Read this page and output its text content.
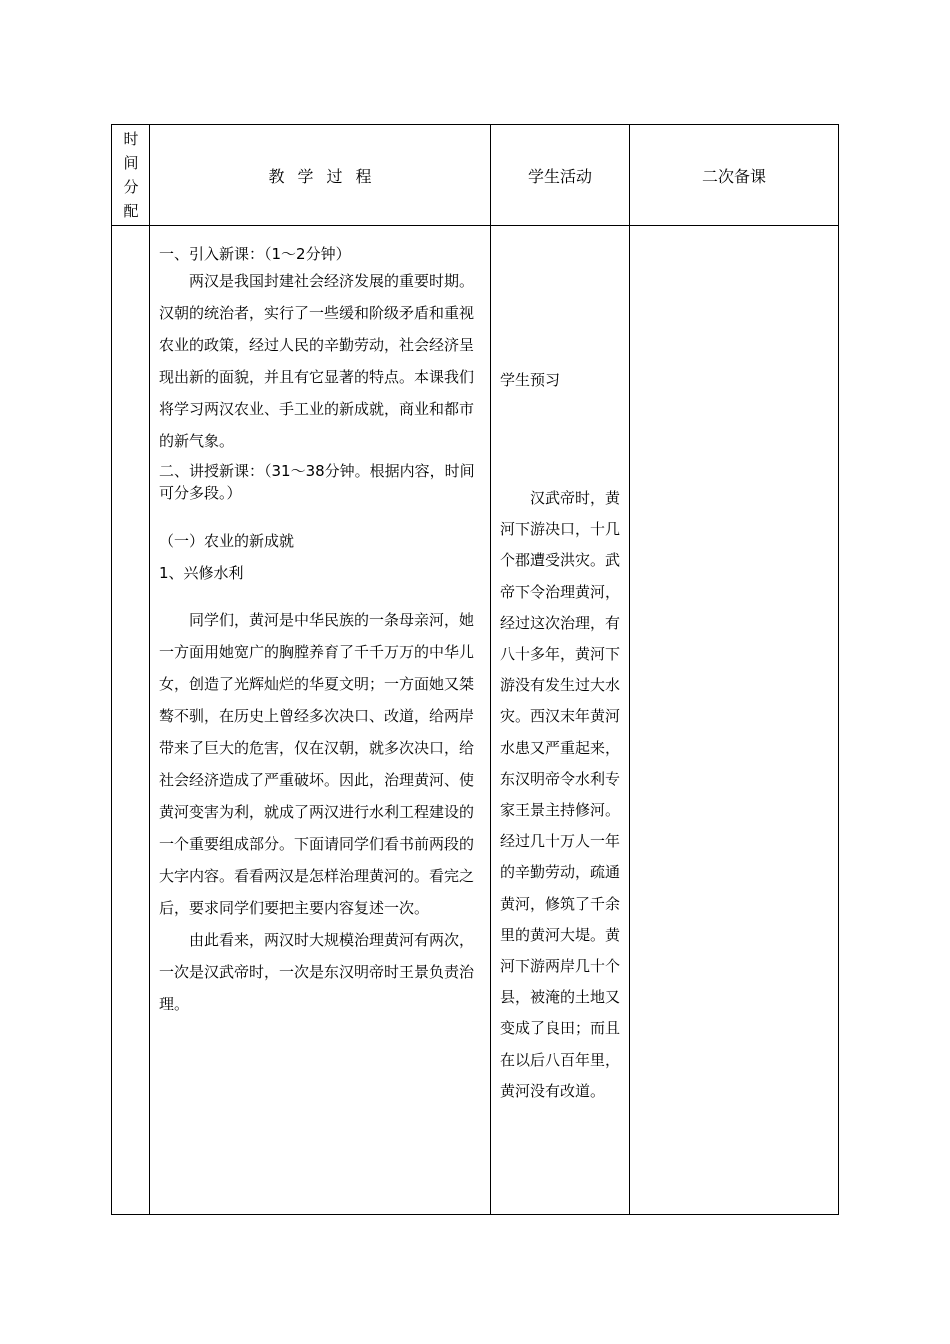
时
间
分
配
教学过程	学生活动	二次备课

一、引入新课：（1～2分钟）

两汉是我国封建社会经济发展的重要时期。汉朝的统治者，实行了一些缓和阶级矛盾和重视农业的政策，经过人民的辛勤劳动，社会经济呈现出新的面貌，并且有它显著的特点。本课我们将学习两汉农业、手工业的新成就，商业和都市的新气象。

二、讲授新课：（31～38分钟。根据内容，时间可分多段。）

（一）农业的新成就

1、兴修水利

同学们，黄河是中华民族的一条母亲河，她一方面用她宽广的胸膛养育了千千万万的中华儿女，创造了光辉灿烂的华夏文明；一方面她又桀骜不驯，在历史上曾经多次决口、改道，给两岸带来了巨大的危害，仅在汉朝，就多次决口，给社会经济造成了严重破坏。因此，治理黄河、使黄河变害为利，就成了两汉进行水利工程建设的一个重要组成部分。下面请同学们看书前两段的大字内容。看看两汉是怎样治理黄河的。看完之后，要求同学们要把主要内容复述一次。

由此看来，两汉时大规模治理黄河有两次，一次是汉武帝时，一次是东汉明帝时王景负责治理。

学生预习

汉武帝时，黄河下游决口，十几个郡遭受洪灾。武帝下令治理黄河，经过这次治理，有八十多年，黄河下游没有发生过大水灾。西汉末年黄河水患又严重起来，东汉明帝令水利专家王景主持修河。经过几十万人一年的辛勤劳动，疏通黄河，修筑了千余里的黄河大堤。黄河下游两岸几十个县，被淹的土地又变成了良田；而且在以后八百年里，黄河没有改道。
